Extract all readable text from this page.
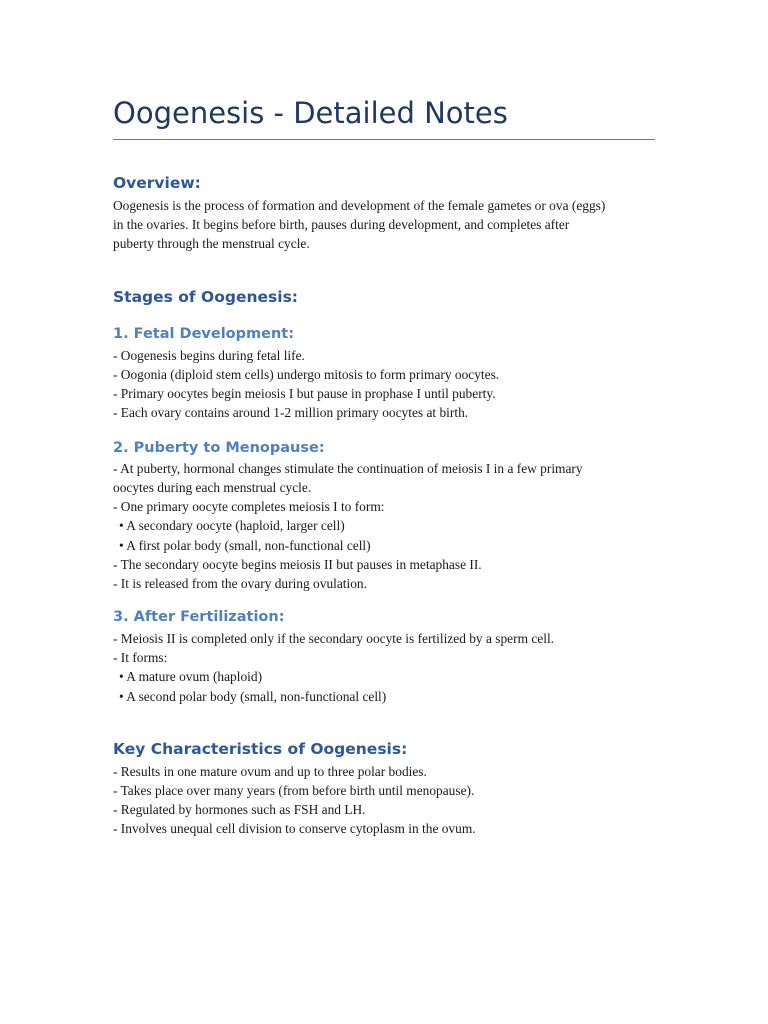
Oogenesis - Detailed Notes
Overview:

Oogenesis is the process of formation and development of the female gametes or ova (eggs)

in the ovaries. It begins before birth, pauses during development, and completes after

puberty through the menstrual cycle.

Stages of Oogenesis:
1. Fetal Development:

- Oogenesis begins during fetal life.

- Oogonia (diploid stem cells) undergo mitosis to form primary oocytes.

- Primary oocytes begin meiosis I but pause in prophase I until puberty.

- Each ovary contains around 1-2 million primary oocytes at birth.

2. Puberty to Menopause:

- At puberty, hormonal changes stimulate the continuation of meiosis I in a few primary

oocytes during each menstrual cycle.

- One primary oocyte completes meiosis I to form:

• A secondary oocyte (haploid, larger cell)

• A first polar body (small, non-functional cell)

- The secondary oocyte begins meiosis II but pauses in metaphase II.

- It is released from the ovary during ovulation.

3. After Fertilization:

- Meiosis II is completed only if the secondary oocyte is fertilized by a sperm cell.

- It forms:

• A mature ovum (haploid)

• A second polar body (small, non-functional cell)

Key Characteristics of Oogenesis:

- Results in one mature ovum and up to three polar bodies.

- Takes place over many years (from before birth until menopause).

- Regulated by hormones such as FSH and LH.

- Involves unequal cell division to conserve cytoplasm in the ovum.
